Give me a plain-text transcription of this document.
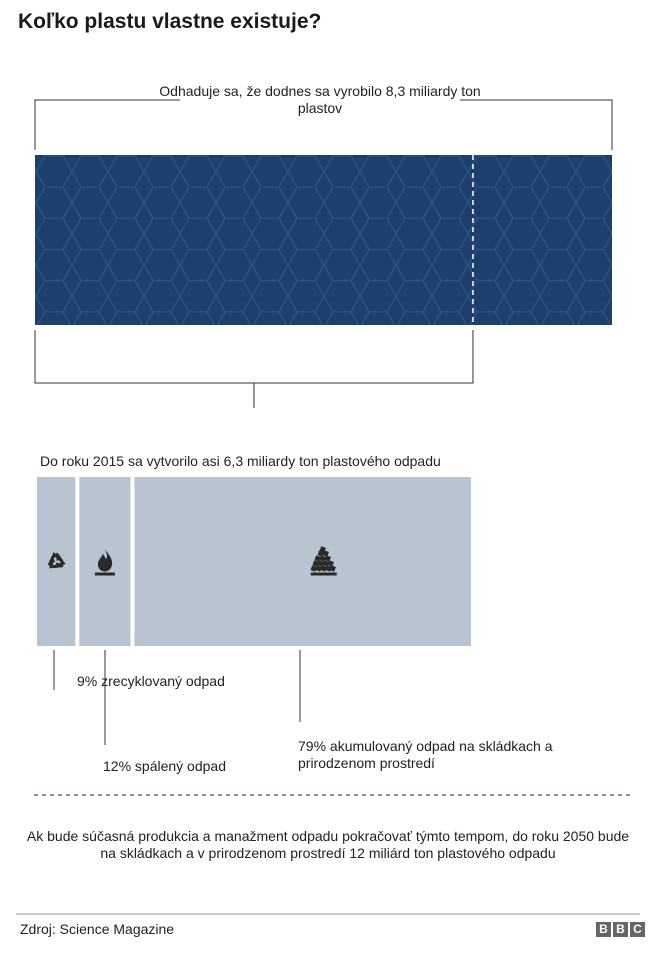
Koľko plastu vlastne existuje?
Odhaduje sa, že dodnes sa vyrobilo 8,3 miliardy ton plastov
Do roku 2015 sa vytvorilo asi 6,3 miliardy ton plastového odpadu
9% zrecyklovaný odpad
12% spálený odpad
79% akumulovaný odpad na skládkach a prirodzenom prostredí
Ak bude súčasná produkcia a manažment odpadu pokračovať týmto tempom, do roku 2050 bude na skládkach a v prirodzenom prostredí 12 miliárd ton plastového odpadu
Zdroj: Science Magazine	B B C
